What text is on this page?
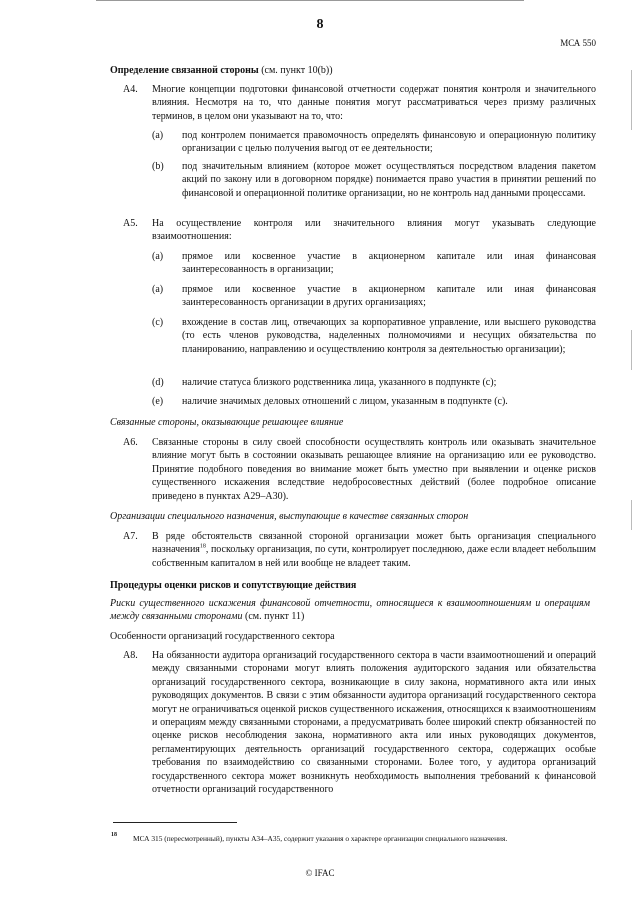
8
МСА 550
Определение связанной стороны (см. пункт 10(b))
A4. Многие концепции подготовки финансовой отчетности содержат понятия контроля и значительного влияния. Несмотря на то, что данные понятия могут рассматриваться через призму различных терминов, в целом они указывают на то, что:
(a) под контролем понимается правомочность определять финансовую и операционную политику организации с целью получения выгод от ее деятельности;
(b) под значительным влиянием (которое может осуществляться посредством владения пакетом акций по закону или в договорном порядке) понимается право участия в принятии решений по финансовой и операционной политике организации, но не контроль над данными процессами.
A5. На осуществление контроля или значительного влияния могут указывать следующие взаимоотношения:
(a) прямое или косвенное участие в акционерном капитале или иная финансовая заинтересованность в организации;
(a) прямое или косвенное участие в акционерном капитале или иная финансовая заинтересованность организации в других организациях;
(c) вхождение в состав лиц, отвечающих за корпоративное управление, или высшего руководства (то есть членов руководства, наделенных полномочиями и несущих обязательства по планированию, направлению и осуществлению контроля за деятельностью организации);
(d) наличие статуса близкого родственника лица, указанного в подпункте (с);
(e) наличие значимых деловых отношений с лицом, указанным в подпункте (с).
Связанные стороны, оказывающие решающее влияние
A6. Связанные стороны в силу своей способности осуществлять контроль или оказывать значительное влияние могут быть в состоянии оказывать решающее влияние на организацию или ее руководство. Принятие подобного поведения во внимание может быть уместно при выявлении и оценке рисков существенного искажения вследствие недобросовестных действий (более подробное описание приведено в пунктах A29–A30).
Организации специального назначения, выступающие в качестве связанных сторон
A7. В ряде обстоятельств связанной стороной организации может быть организация специального назначения$^{18}$, поскольку организация, по сути, контролирует последнюю, даже если владеет небольшим собственным капиталом в ней или вообще не владеет таким.
Процедуры оценки рисков и сопутствующие действия
Риски существенного искажения финансовой отчетности, относящиеся к взаимоотношениям и операциям между связанными сторонами (см. пункт 11)
Особенности организаций государственного сектора
A8. На обязанности аудитора организаций государственного сектора в части взаимоотношений и операций между связанными сторонами могут влиять положения аудиторского задания или обязательства организаций государственного сектора, возникающие в силу закона, нормативного акта или иных руководящих документов. В связи с этим обязанности аудитора организаций государственного сектора могут не ограничиваться оценкой рисков существенного искажения, относящихся к взаимоотношениям и операциям между связанными сторонами, а предусматривать более широкий спектр обязанностей по оценке рисков несоблюдения закона, нормативного акта или иных руководящих документов, регламентирующих деятельность организаций государственного сектора, содержащих особые требования по взаимодействию со связанными сторонами. Более того, у аудитора организаций государственного сектора может возникнуть необходимость выполнения требований к финансовой отчетности организаций государственного
18 МСА 315 (пересмотренный), пункты A34–A35, содержит указания о характере организации специального назначения.
© IFAC
